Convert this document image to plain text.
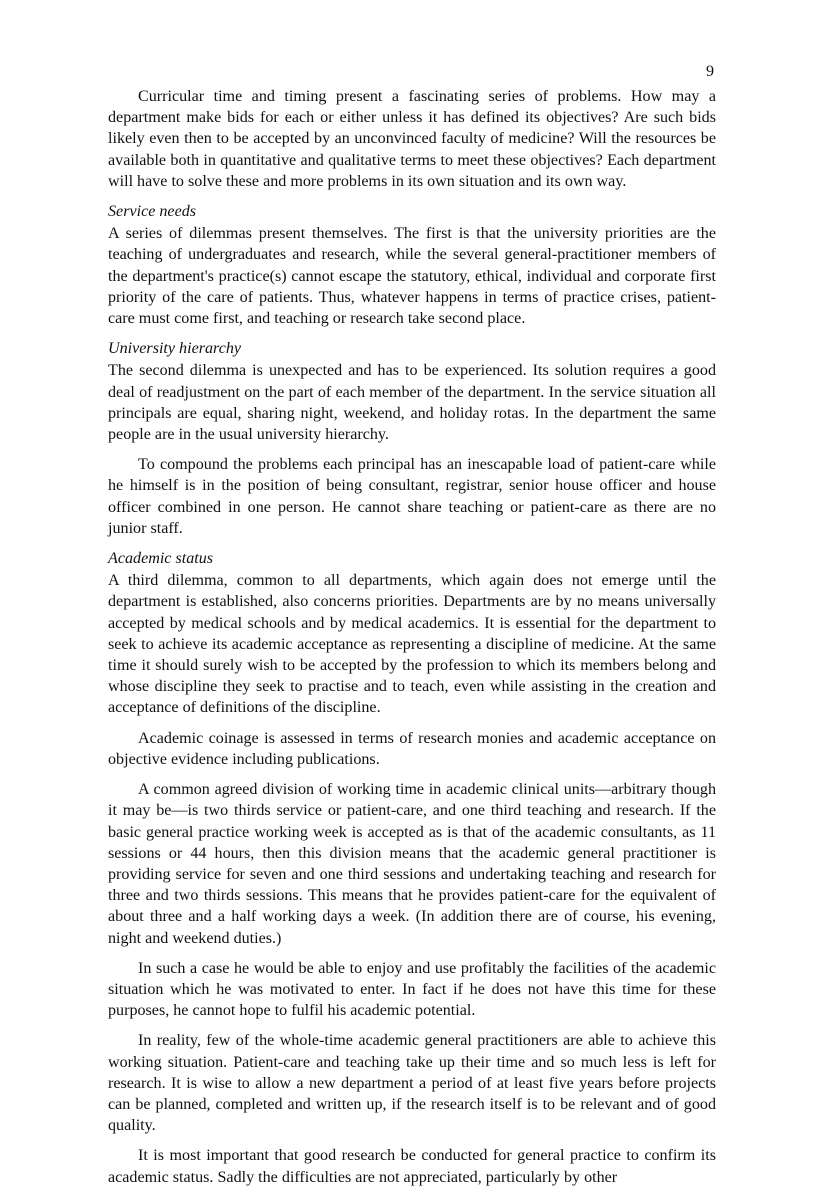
9

Curricular time and timing present a fascinating series of problems. How may a department make bids for each or either unless it has defined its objectives? Are such bids likely even then to be accepted by an unconvinced faculty of medicine? Will the resources be available both in quantitative and qualitative terms to meet these objectives? Each department will have to solve these and more problems in its own situation and its own way.

Service needs

A series of dilemmas present themselves. The first is that the university priorities are the teaching of undergraduates and research, while the several general-practitioner members of the department's practice(s) cannot escape the statutory, ethical, individual and corporate first priority of the care of patients. Thus, whatever happens in terms of practice crises, patient-care must come first, and teaching or research take second place.

University hierarchy

The second dilemma is unexpected and has to be experienced. Its solution requires a good deal of readjustment on the part of each member of the department. In the service situation all principals are equal, sharing night, weekend, and holiday rotas. In the department the same people are in the usual university hierarchy.

To compound the problems each principal has an inescapable load of patient-care while he himself is in the position of being consultant, registrar, senior house officer and house officer combined in one person. He cannot share teaching or patient-care as there are no junior staff.

Academic status

A third dilemma, common to all departments, which again does not emerge until the department is established, also concerns priorities. Departments are by no means universally accepted by medical schools and by medical academics. It is essential for the department to seek to achieve its academic acceptance as representing a discipline of medicine. At the same time it should surely wish to be accepted by the profession to which its members belong and whose discipline they seek to practise and to teach, even while assisting in the creation and acceptance of definitions of the discipline.

Academic coinage is assessed in terms of research monies and academic acceptance on objective evidence including publications.

A common agreed division of working time in academic clinical units—arbitrary though it may be—is two thirds service or patient-care, and one third teaching and research. If the basic general practice working week is accepted as is that of the academic consultants, as 11 sessions or 44 hours, then this division means that the academic general practitioner is providing service for seven and one third sessions and undertaking teaching and research for three and two thirds sessions. This means that he provides patient-care for the equivalent of about three and a half working days a week. (In addition there are of course, his evening, night and weekend duties.)

In such a case he would be able to enjoy and use profitably the facilities of the academic situation which he was motivated to enter. In fact if he does not have this time for these purposes, he cannot hope to fulfil his academic potential.

In reality, few of the whole-time academic general practitioners are able to achieve this working situation. Patient-care and teaching take up their time and so much less is left for research. It is wise to allow a new department a period of at least five years before projects can be planned, completed and written up, if the research itself is to be relevant and of good quality.

It is most important that good research be conducted for general practice to confirm its academic status. Sadly the difficulties are not appreciated, particularly by other
